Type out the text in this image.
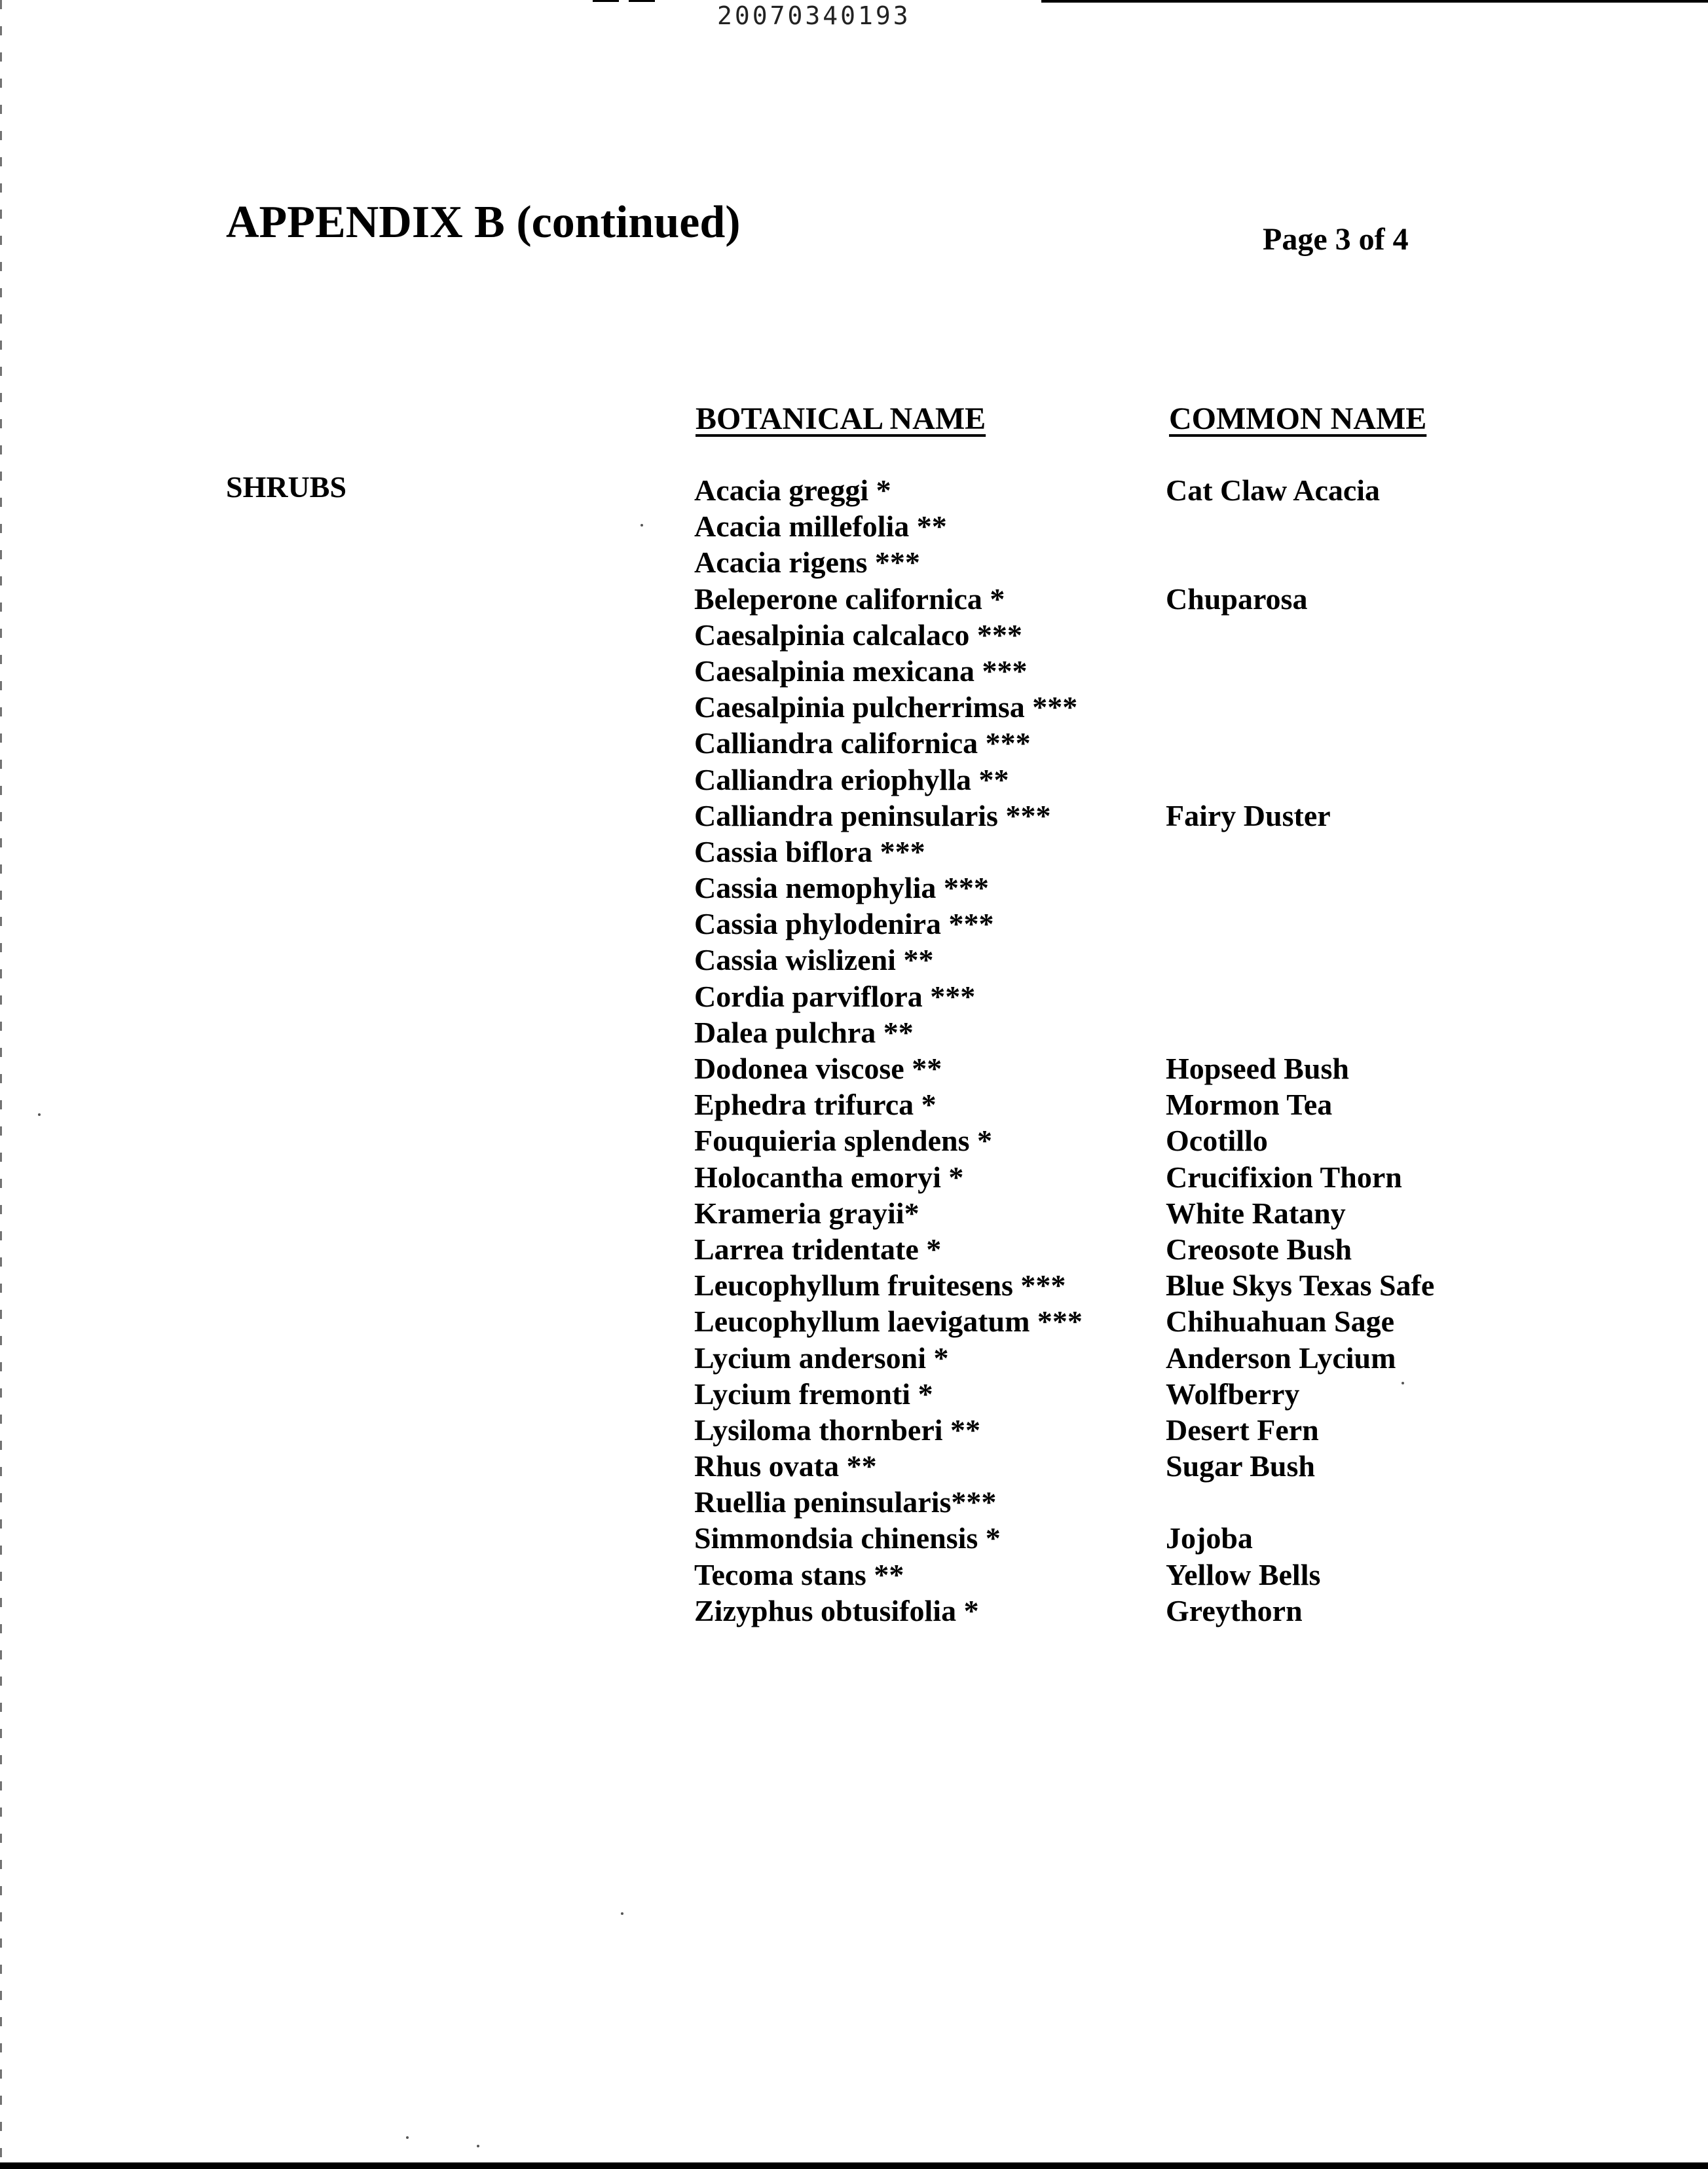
20070340193
APPENDIX B (continued)	Page 3 of 4
BOTANICAL NAME	COMMON NAME
SHRUBS	Acacia greggi *	Cat Claw Acacia
Acacia millefolia **
Acacia rigens ***
Beleperone californica *	Chuparosa
Caesalpinia calcalaco ***
Caesalpinia mexicana ***
Caesalpinia pulcherrimsa ***
Calliandra californica ***
Calliandra eriophylla **
Calliandra peninsularis ***	Fairy Duster
Cassia biflora ***
Cassia nemophylia ***
Cassia phylodenira ***
Cassia wislizeni **
Cordia parviflora ***
Dalea pulchra **
Dodonea viscose **	Hopseed Bush
Ephedra trifurca *	Mormon Tea
Fouquieria splendens *	Ocotillo
Holocantha emoryi *	Crucifixion Thorn
Krameria grayii*	White Ratany
Larrea tridentate *	Creosote Bush
Leucophyllum fruitesens ***	Blue Skys Texas Safe
Leucophyllum laevigatum ***	Chihuahuan Sage
Lycium andersoni *	Anderson Lycium
Lycium fremonti *	Wolfberry
Lysiloma thornberi **	Desert Fern
Rhus ovata **	Sugar Bush
Ruellia peninsularis***
Simmondsia chinensis *	Jojoba
Tecoma stans **	Yellow Bells
Zizyphus obtusifolia *	Greythorn
